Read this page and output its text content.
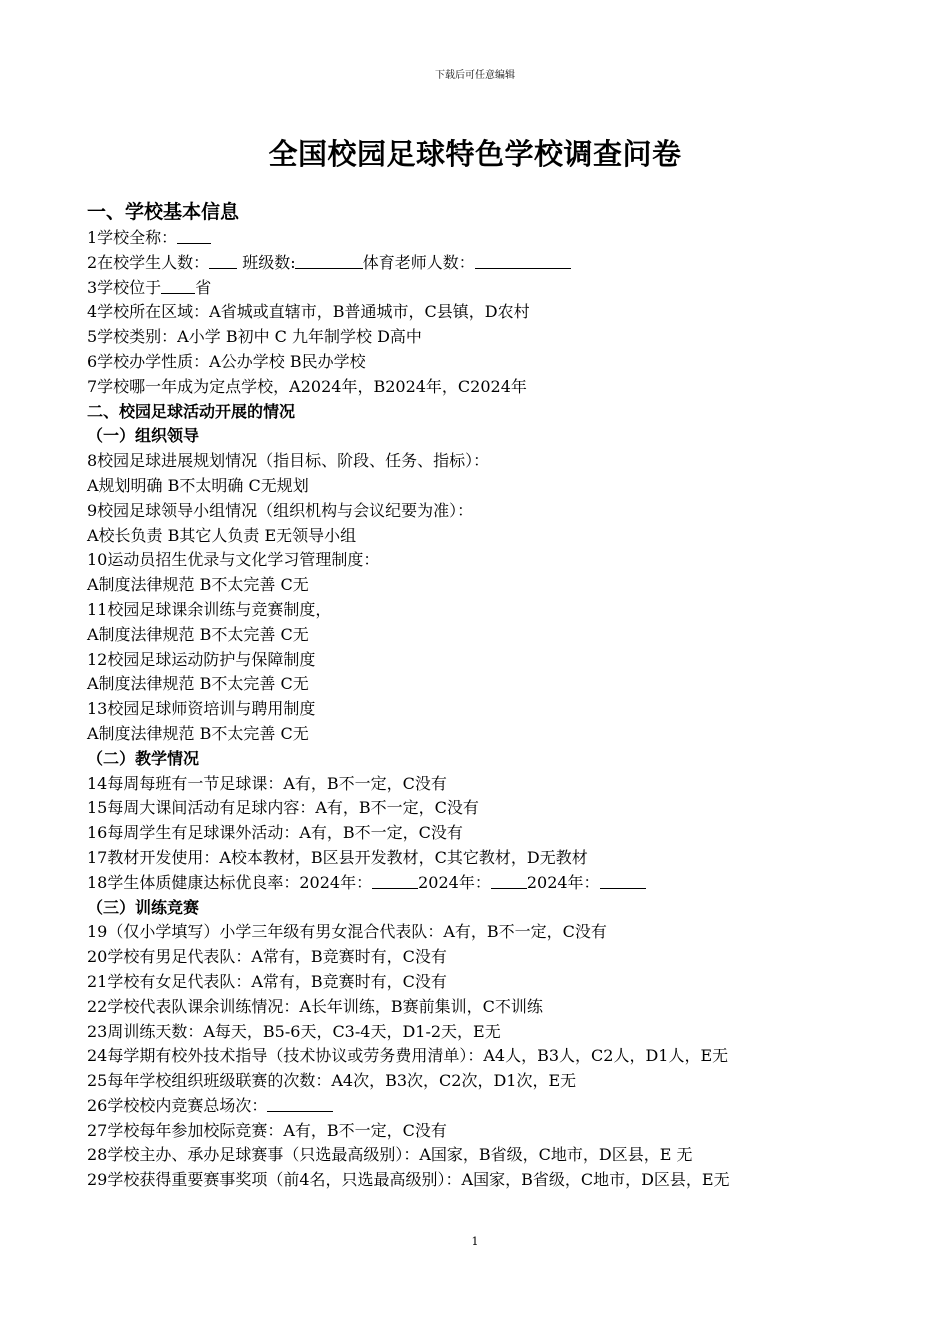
下载后可任意编辑
全国校园足球特色学校调查问卷
一、学校基本信息
1学校全称：
2在校学生人数： 班级数:	体育老师人数：
3学校位于 省
4学校所在区域：A省城或直辖市，B普通城市，C县镇，D农村
5学校类别：A小学 B初中 C 九年制学校 D高中
6学校办学性质：A公办学校 B民办学校
7学校哪一年成为定点学校，A2024年，B2024年，C2024年
二、校园足球活动开展的情况
（一）组织领导
8校园足球进展规划情况（指目标、阶段、任务、指标）：
A规划明确 B不太明确 C无规划
9校园足球领导小组情况（组织机构与会议纪要为准）：
A校长负责 B其它人负责 E无领导小组
10运动员招生优录与文化学习管理制度：
A制度法律规范 B不太完善 C无
11校园足球课余训练与竞赛制度，
A制度法律规范 B不太完善 C无
12校园足球运动防护与保障制度
A制度法律规范 B不太完善 C无
13校园足球师资培训与聘用制度
A制度法律规范 B不太完善 C无
（二）教学情况
14每周每班有一节足球课：A有，B不一定，C没有
15每周大课间活动有足球内容：A有，B不一定，C没有
16每周学生有足球课外活动：A有，B不一定，C没有
17教材开发使用：A校本教材，B区县开发教材，C其它教材，D无教材
18学生体质健康达标优良率：2024年：	2024年： 2024年：
（三）训练竞赛
19（仅小学填写）小学三年级有男女混合代表队：A有，B不一定，C没有
20学校有男足代表队：A常有，B竞赛时有，C没有
21学校有女足代表队：A常有，B竞赛时有，C没有
22学校代表队课余训练情况：A长年训练，B赛前集训，C不训练
23周训练天数：A每天，B5-6天，C3-4天，D1-2天，E无
24每学期有校外技术指导（技术协议或劳务费用清单）：A4人，B3人，C2人，D1人，E无
25每年学校组织班级联赛的次数：A4次，B3次，C2次，D1次，E无
26学校校内竞赛总场次：
27学校每年参加校际竞赛：A有，B不一定，C没有
28学校主办、承办足球赛事（只选最高级别）：A国家，B省级，C地市，D区县，E 无
29学校获得重要赛事奖项（前4名，只选最高级别）：A国家，B省级，C地市，D区县，E无
1
